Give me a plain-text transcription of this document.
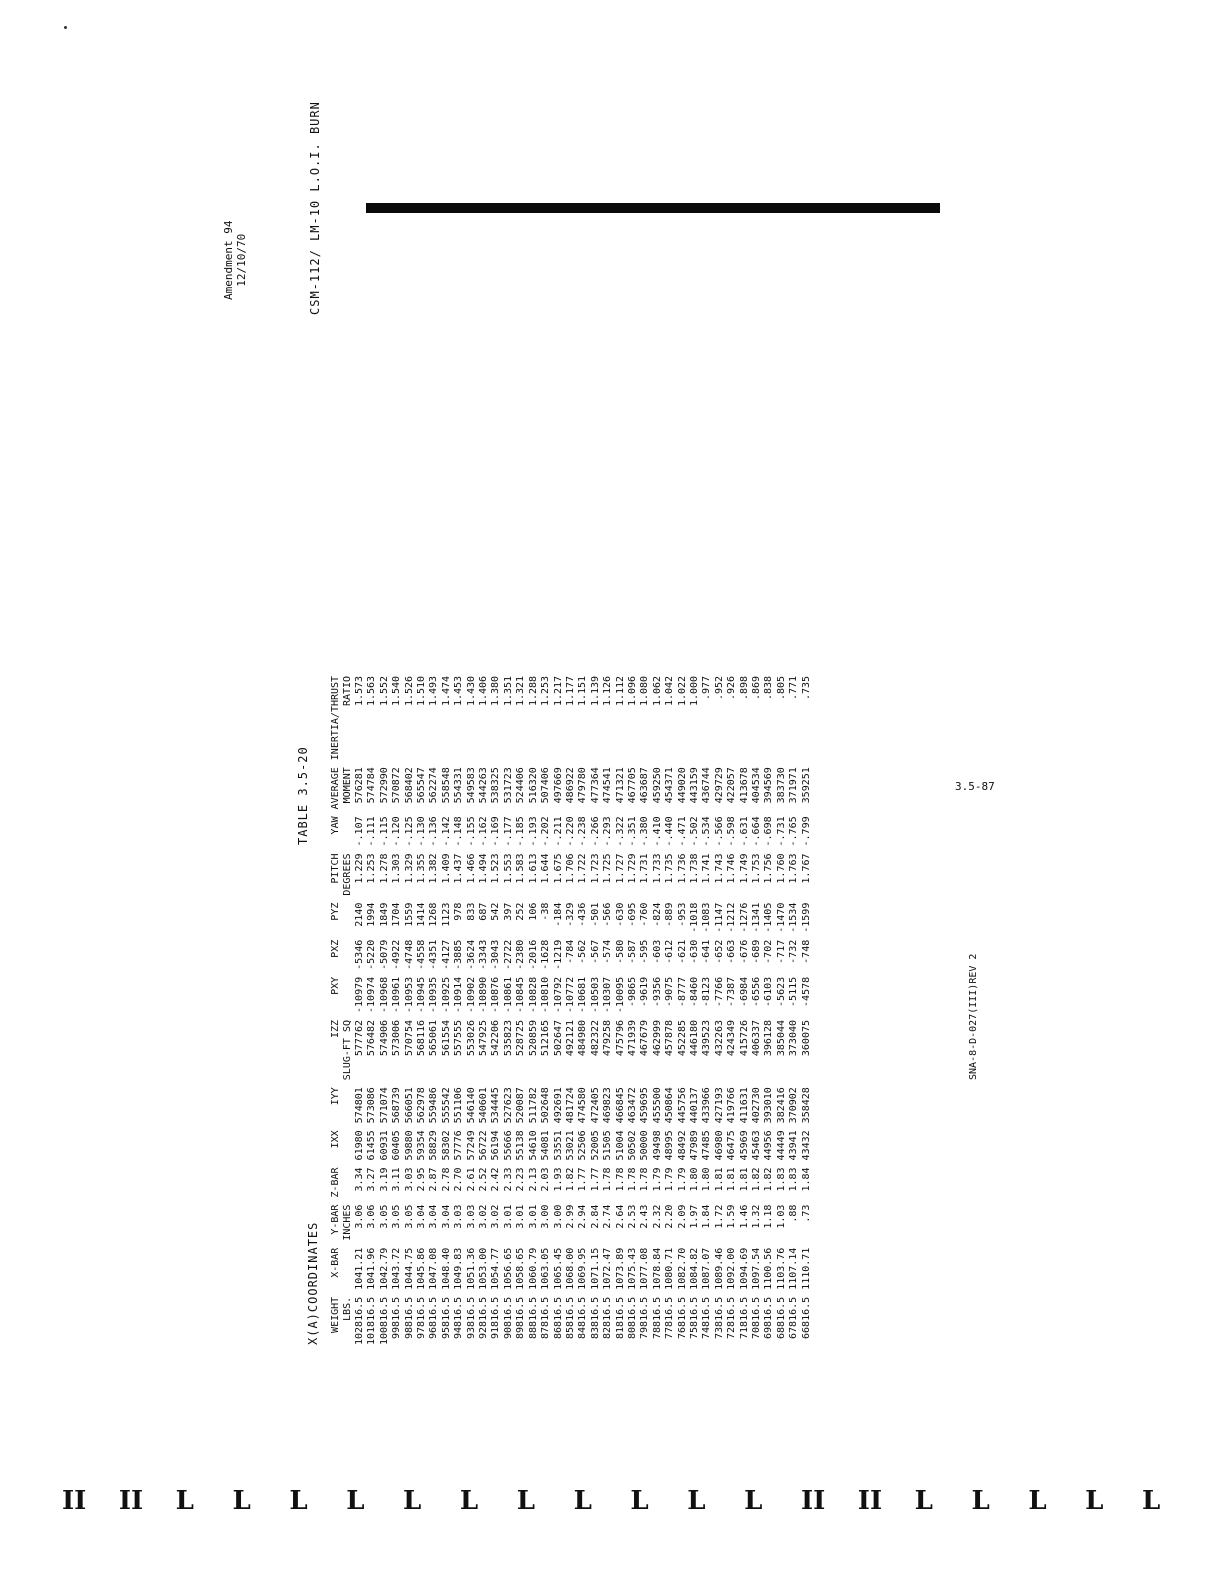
Amendment 94 12/10/70
X(A)COORDINATES
TABLE 3.5-20
CSM-112/ LM-10 L.O.I. BURN
WEIGHT	X-BAR	Y-BAR	Z-BAR	IXX	IYY	IZZ	PXY	PXZ	PYZ	PITCH	YAW	AVERAGE	INERTIA/THRUST
LBS.		INCHES				SLUG-FT SQ				DEGREES		MOMENT	RATIO
102816.5	1041.21	3.06	3.34	61980	574801	577762	-10979	-5346	2140	1.229	-.107	576281	1.573
101816.5	1041.96	3.06	3.27	61455	573086	576482	-10974	-5220	1994	1.253	-.111	574784	1.563
100816.5	1042.79	3.05	3.19	60931	571074	574906	-10968	-5079	1849	1.278	-.115	572990	1.552
99816.5	1043.72	3.05	3.11	60405	568739	573006	-10961	-4922	1704	1.303	-.120	570872	1.540
98816.5	1044.75	3.05	3.03	59880	566051	570754	-10953	-4748	1559	1.329	-.125	568402	1.526
97816.5	1045.86	3.04	2.95	59354	562978	568116	-10945	-4558	1414	1.355	-.130	565547	1.510
96816.5	1047.08	3.04	2.87	58829	559486	565061	-10935	-4351	1268	1.382	-.136	562274	1.493
95816.5	1048.40	3.04	2.78	58302	555542	561554	-10925	-4127	1123	1.409	-.142	558548	1.474
94816.5	1049.83	3.03	2.70	57776	551106	557555	-10914	-3885	978	1.437	-.148	554331	1.453
93816.5	1051.36	3.03	2.61	57249	546140	553026	-10902	-3624	833	1.466	-.155	549583	1.430
92816.5	1053.00	3.02	2.52	56722	540601	547925	-10890	-3343	687	1.494	-.162	544263	1.406
91816.5	1054.77	3.02	2.42	56194	534445	542206	-10876	-3043	542	1.523	-.169	538325	1.380
90816.5	1056.65	3.01	2.33	55666	527623	535823	-10861	-2722	397	1.553	-.177	531723	1.351
89816.5	1058.65	3.01	2.23	55138	520087	528725	-10845	-2380	252	1.583	-.185	524406	1.321
88816.5	1060.79	3.01	2.13	54610	511782	520859	-10828	-2016	106	1.613	-.193	516320	1.288
87816.5	1063.05	3.00	2.03	54081	502648	512165	-10810	-1628	-38	1.644	-.202	507406	1.253
86816.5	1065.45	3.00	1.93	53551	492691	502647	-10792	-1219	-184	1.675	-.211	497669	1.217
85816.5	1068.00	2.99	1.82	53021	481724	492121	-10772	-784	-329	1.706	-.220	486922	1.177
84816.5	1069.95	2.94	1.77	52506	474580	484980	-10681	-562	-436	1.722	-.238	479780	1.151
83816.5	1071.15	2.84	1.77	52005	472405	482322	-10503	-567	-501	1.723	-.266	477364	1.139
82816.5	1072.47	2.74	1.78	51505	469823	479258	-10307	-574	-566	1.725	-.293	474541	1.126
81816.5	1073.89	2.64	1.78	51004	466845	475796	-10095	-580	-630	1.727	-.322	471321	1.112
80816.5	1075.43	2.53	1.78	50502	463472	471939	-9865	-587	-695	1.729	-.351	467705	1.096
79816.5	1077.08	2.43	1.78	50000	459695	467679	-9619	-595	-760	1.731	-.380	463687	1.080
78816.5	1078.84	2.32	1.79	49498	455500	462999	-9356	-603	-824	1.733	-.410	459250	1.062
77816.5	1080.71	2.20	1.79	48995	450864	457878	-9075	-612	-889	1.735	-.440	454371	1.042
76816.5	1082.70	2.09	1.79	48492	445756	452285	-8777	-621	-953	1.736	-.471	449020	1.022
75816.5	1084.82	1.97	1.80	47989	440137	446180	-8460	-630	-1018	1.738	-.502	443159	1.000
74816.5	1087.07	1.84	1.80	47485	433966	439523	-8123	-641	-1083	1.741	-.534	436744	.977
73816.5	1089.46	1.72	1.81	46980	427193	432263	-7766	-652	-1147	1.743	-.566	429729	.952
72816.5	1092.00	1.59	1.81	46475	419766	424349	-7387	-663	-1212	1.746	-.598	422057	.926
71816.5	1094.69	1.46	1.81	45969	411631	415726	-6984	-676	-1276	1.749	-.631	413678	.898
70816.5	1097.54	1.32	1.82	45463	402730	406337	-6556	-689	-1341	1.753	-.664	404534	.869
69816.5	1100.56	1.18	1.82	44956	393010	396128	-6103	-702	-1405	1.756	-.698	394569	.838
68816.5	1103.76	1.03	1.83	44449	382416	385044	-5623	-717	-1470	1.760	-.731	383730	.805
67816.5	1107.14	.88	1.83	43941	370902	373040	-5115	-732	-1534	1.763	-.765	371971	.771
66816.5	1110.71	.73	1.84	43432	358428	360075	-4578	-748	-1599	1.767	-.799	359251	.735
3.5-87
SNA-8-D-027(III)REV 2
II II L L L L L L L L L L L II II L L L L L
